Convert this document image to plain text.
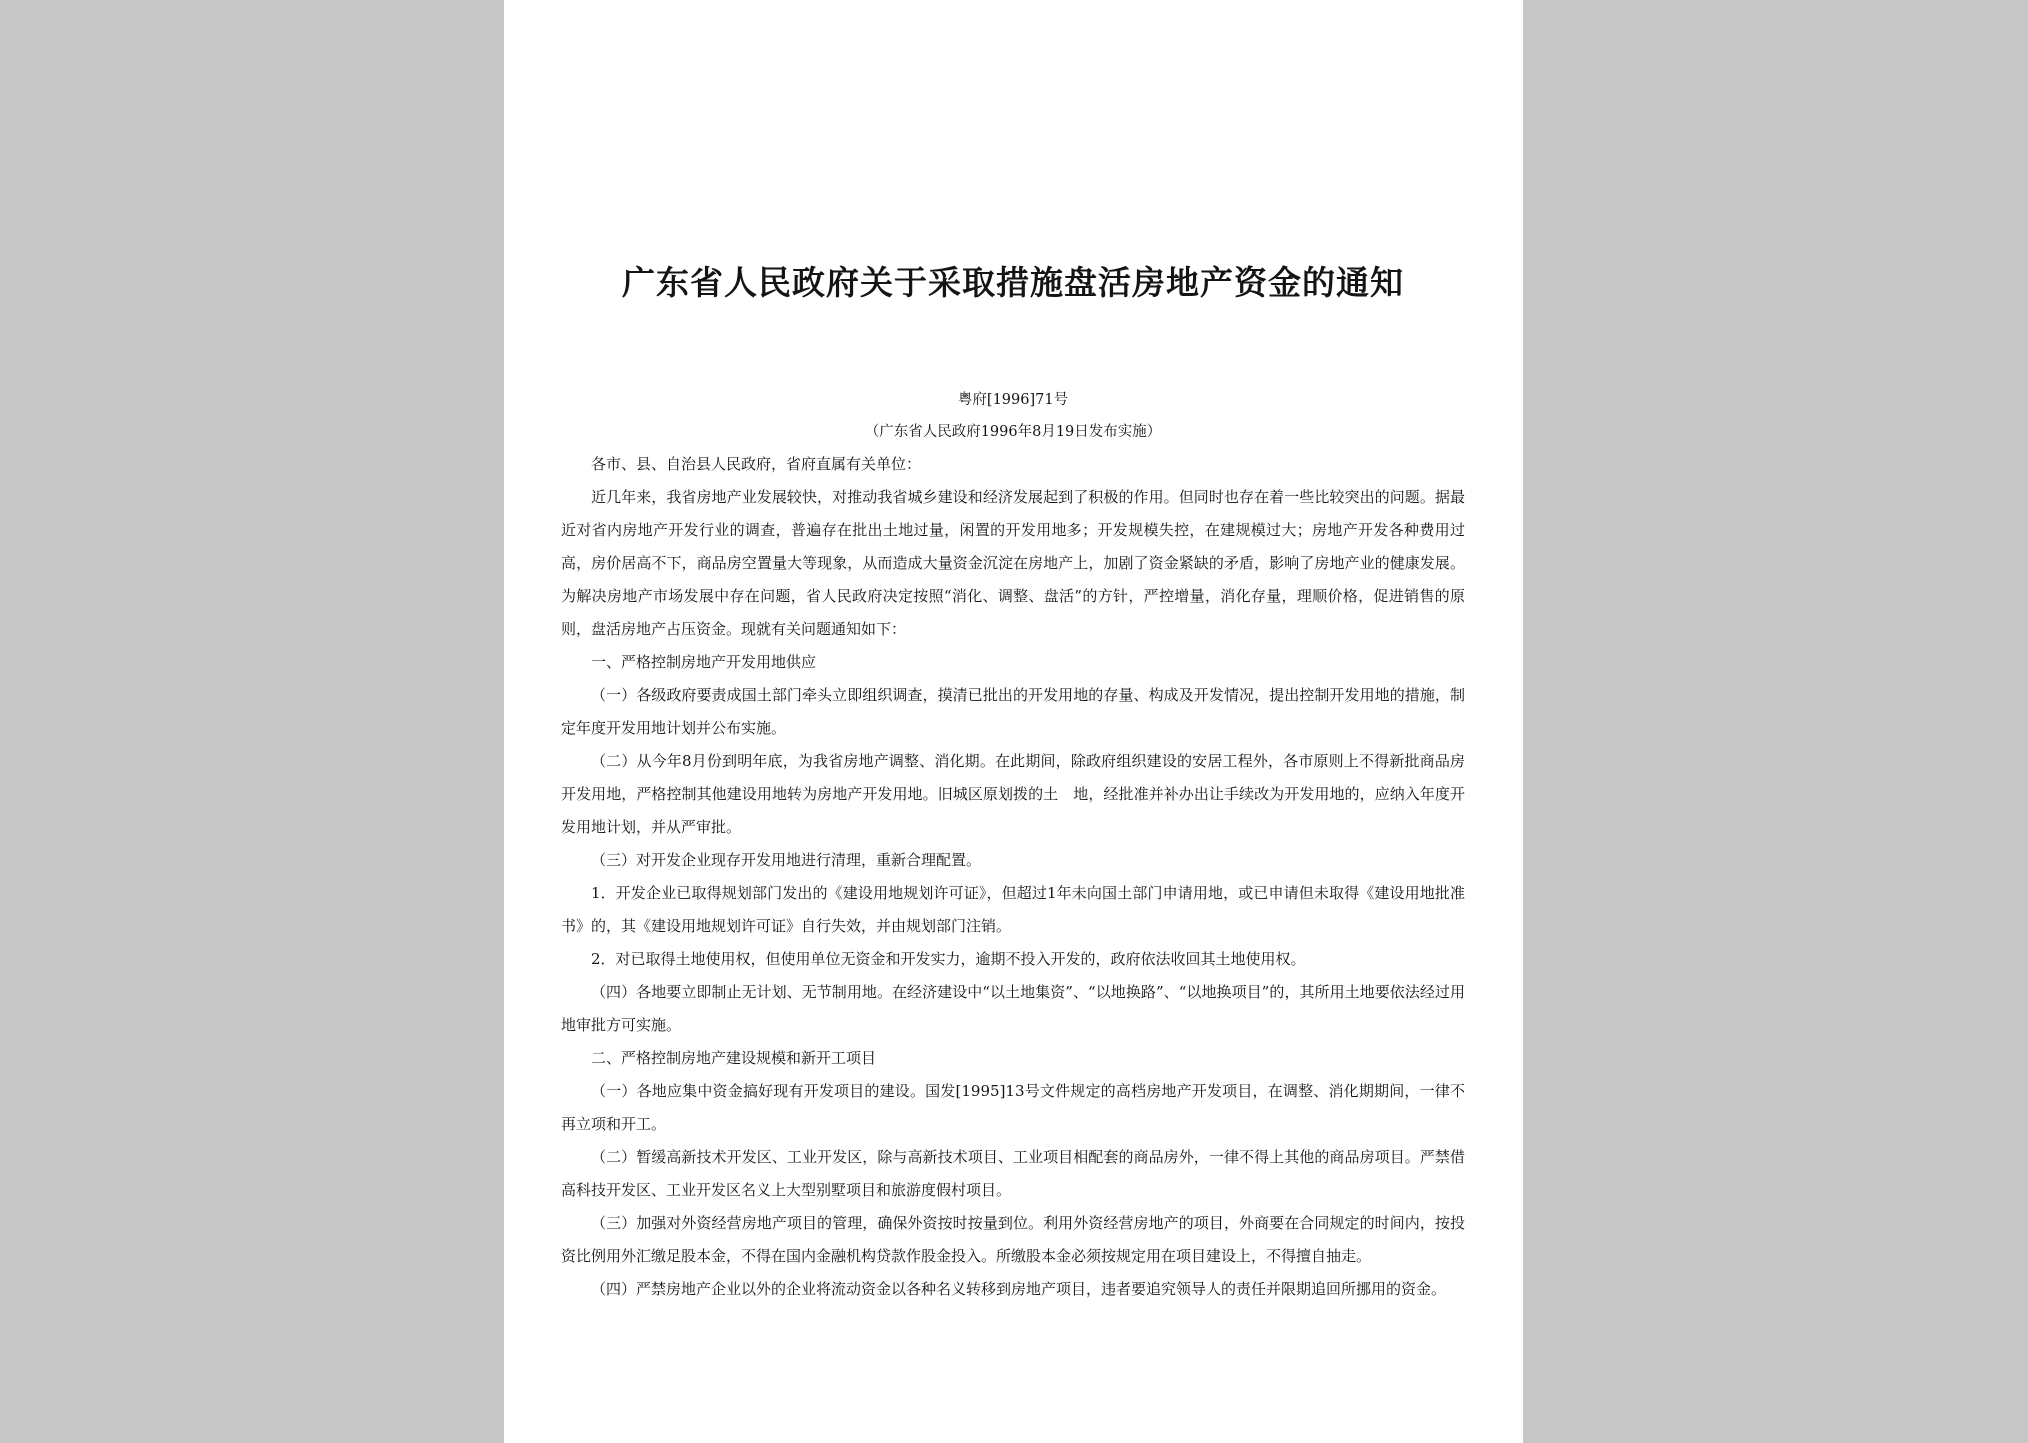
广东省人民政府关于采取措施盘活房地产资金的通知
粤府[1996]71号
（广东省人民政府1996年8月19日发布实施）

各市、县、自治县人民政府，省府直属有关单位：

近几年来，我省房地产业发展较快，对推动我省城乡建设和经济发展起到了积极的作用。但同时也存在着一些比较突出的问题。据最近对省内房地产开发行业的调查，普遍存在批出土地过量，闲置的开发用地多；开发规模失控，在建规模过大；房地产开发各种费用过高，房价居高不下，商品房空置量大等现象，从而造成大量资金沉淀在房地产上，加剧了资金紧缺的矛盾，影响了房地产业的健康发展。为解决房地产市场发展中存在问题，省人民政府决定按照“消化、调整、盘活”的方针，严控增量，消化存量，理顺价格，促进销售的原则，盘活房地产占压资金。现就有关问题通知如下：

一、严格控制房地产开发用地供应

（一）各级政府要责成国土部门牵头立即组织调查，摸清已批出的开发用地的存量、构成及开发情况，提出控制开发用地的措施，制定年度开发用地计划并公布实施。

（二）从今年8月份到明年底，为我省房地产调整、消化期。在此期间，除政府组织建设的安居工程外，各市原则上不得新批商品房开发用地，严格控制其他建设用地转为房地产开发用地。旧城区原划拨的土　地，经批准并补办出让手续改为开发用地的，应纳入年度开发用地计划，并从严审批。

（三）对开发企业现存开发用地进行清理，重新合理配置。

1．开发企业已取得规划部门发出的《建设用地规划许可证》，但超过1年未向国土部门申请用地，或已申请但未取得《建设用地批准书》的，其《建设用地规划许可证》自行失效，并由规划部门注销。

2．对已取得土地使用权，但使用单位无资金和开发实力，逾期不投入开发的，政府依法收回其土地使用权。

（四）各地要立即制止无计划、无节制用地。在经济建设中“以土地集资”、“以地换路”、“以地换项目”的，其所用土地要依法经过用地审批方可实施。

二、严格控制房地产建设规模和新开工项目

（一）各地应集中资金搞好现有开发项目的建设。国发[1995]13号文件规定的高档房地产开发项目，在调整、消化期期间，一律不再立项和开工。

（二）暂缓高新技术开发区、工业开发区，除与高新技术项目、工业项目相配套的商品房外，一律不得上其他的商品房项目。严禁借高科技开发区、工业开发区名义上大型别墅项目和旅游度假村项目。

（三）加强对外资经营房地产项目的管理，确保外资按时按量到位。利用外资经营房地产的项目，外商要在合同规定的时间内，按投资比例用外汇缴足股本金，不得在国内金融机构贷款作股金投入。所缴股本金必须按规定用在项目建设上，不得擅自抽走。

（四）严禁房地产企业以外的企业将流动资金以各种名义转移到房地产项目，违者要追究领导人的责任并限期追回所挪用的资金。
